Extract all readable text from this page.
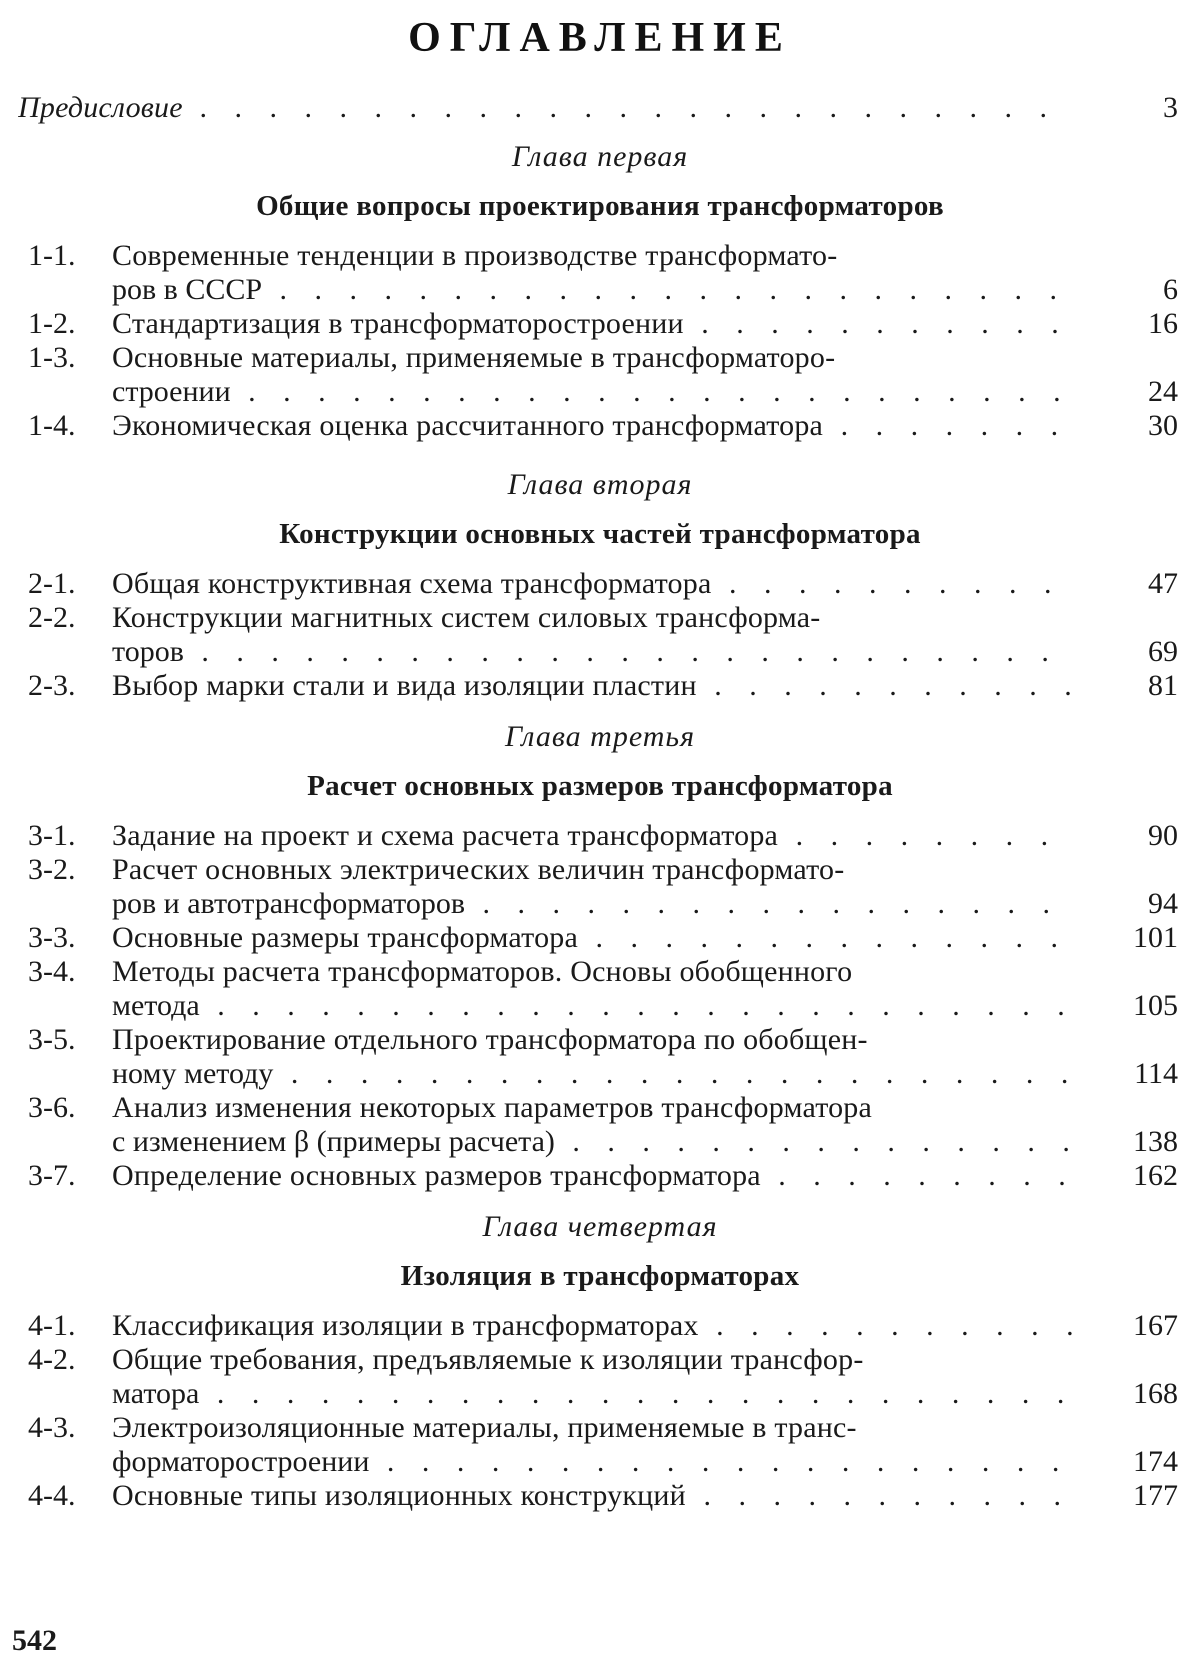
ОГЛАВЛЕНИЕ
Предисловие . . .	3
Глава первая
Общие вопросы проектирования трансформаторов
1-1.	Современные тенденции в производстве трансформато-
ров в СССР . . .	6
1-2.	Стандартизация в трансформаторостроении . . .	16
1-3.	Основные материалы, применяемые в трансформаторо-
строении . . .	24
1-4.	Экономическая оценка рассчитанного трансформатора . . .	30
Глава вторая
Конструкции основных частей трансформатора
2-1.	Общая конструктивная схема трансформатора . . .	47
2-2.	Конструкции магнитных систем силовых трансформа-
торов . . .	69
2-3.	Выбор марки стали и вида изоляции пластин . . .	81
Глава третья
Расчет основных размеров трансформатора
3-1.	Задание на проект и схема расчета трансформатора . . .	90
3-2.	Расчет основных электрических величин трансформато-
ров и автотрансформаторов . . .	94
3-3.	Основные размеры трансформатора . . .	101
3-4.	Методы расчета трансформаторов. Основы обобщенного
метода . . .	105
3-5.	Проектирование отдельного трансформатора по обобщен-
ному методу . . .	114
3-6.	Анализ изменения некоторых параметров трансформатора
с изменением β (примеры расчета) . . .	138
3-7.	Определение основных размеров трансформатора . . .	162
Глава четвертая
Изоляция в трансформаторах
4-1.	Классификация изоляции в трансформаторах . . .	167
4-2.	Общие требования, предъявляемые к изоляции трансфор-
матора . . .	168
4-3.	Электроизоляционные материалы, применяемые в транс-
форматоростроении . . .	174
4-4.	Основные типы изоляционных конструкций . . .	177
542
